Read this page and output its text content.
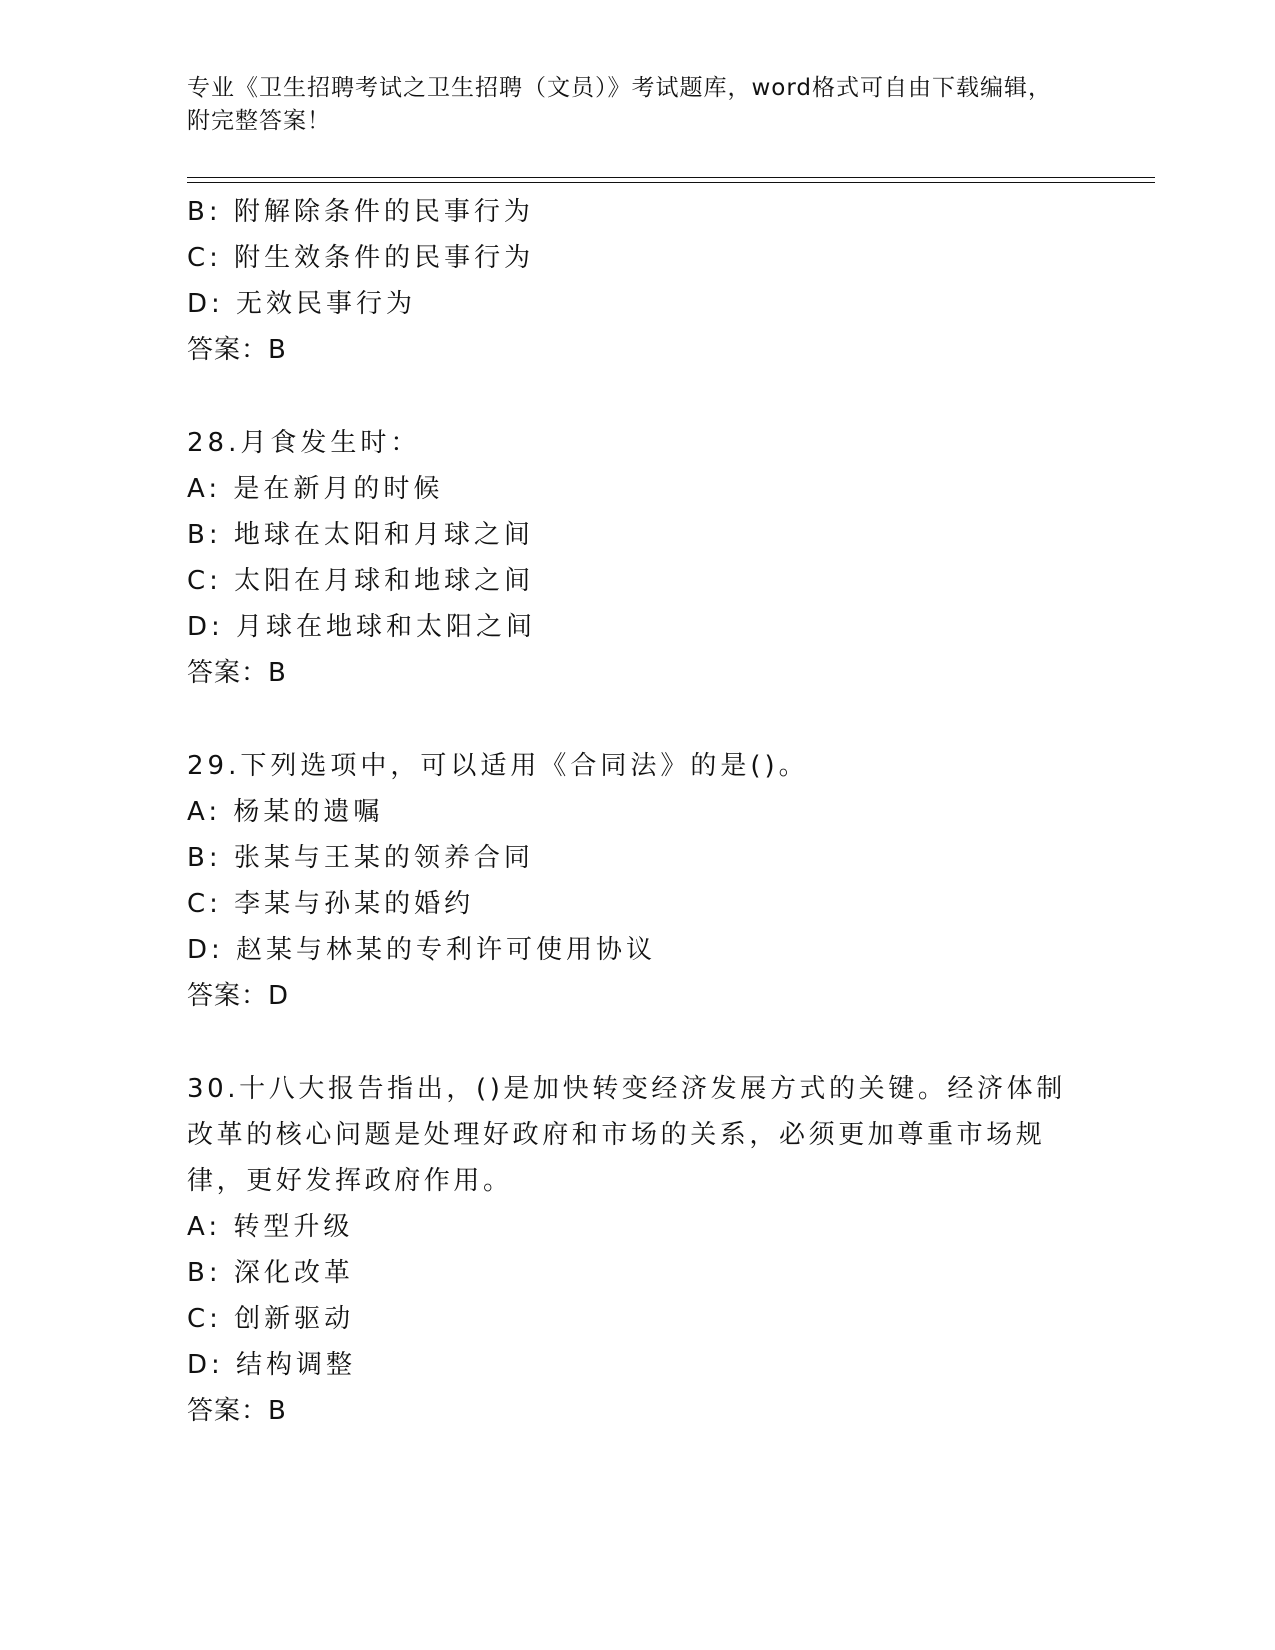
专业《卫生招聘考试之卫生招聘（文员）》考试题库，word格式可自由下载编辑，附完整答案！
B: 附解除条件的民事行为
C: 附生效条件的民事行为
D: 无效民事行为
答案：B
28.月食发生时：
A: 是在新月的时候
B: 地球在太阳和月球之间
C: 太阳在月球和地球之间
D: 月球在地球和太阳之间
答案：B
29.下列选项中，可以适用《合同法》的是()。
A: 杨某的遗嘱
B: 张某与王某的领养合同
C: 李某与孙某的婚约
D: 赵某与林某的专利许可使用协议
答案：D
30.十八大报告指出，()是加快转变经济发展方式的关键。经济体制改革的核心问题是处理好政府和市场的关系，必须更加尊重市场规律，更好发挥政府作用。
A: 转型升级
B: 深化改革
C: 创新驱动
D: 结构调整
答案：B
